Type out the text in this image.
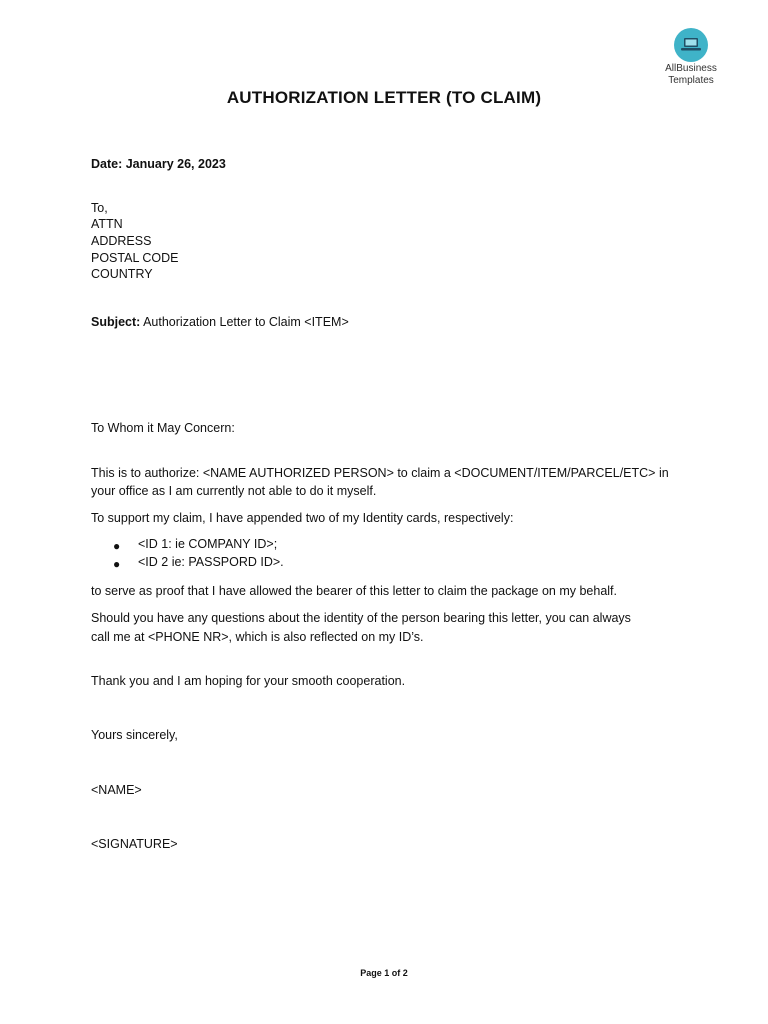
AllBusiness
Templates
AUTHORIZATION LETTER (TO CLAIM)
Date: January 26, 2023
To,
ATTN
ADDRESS
POSTAL CODE
COUNTRY
Subject: Authorization Letter to Claim <ITEM>
To Whom it May Concern:
This is to authorize: <NAME AUTHORIZED PERSON> to claim a <DOCUMENT/ITEM/PARCEL/ETC> in
your office as I am currently not able to do it myself.
To support my claim, I have appended two of my Identity cards, respectively:
● <ID 1: ie COMPANY ID>;
● <ID 2 ie: PASSPORD ID>.
to serve as proof that I have allowed the bearer of this letter to claim the package on my behalf.
Should you have any questions about the identity of the person bearing this letter, you can always
call me at <PHONE NR>, which is also reflected on my ID’s.
Thank you and I am hoping for your smooth cooperation.
Yours sincerely,
<NAME>
<SIGNATURE>
Page 1 of 2
